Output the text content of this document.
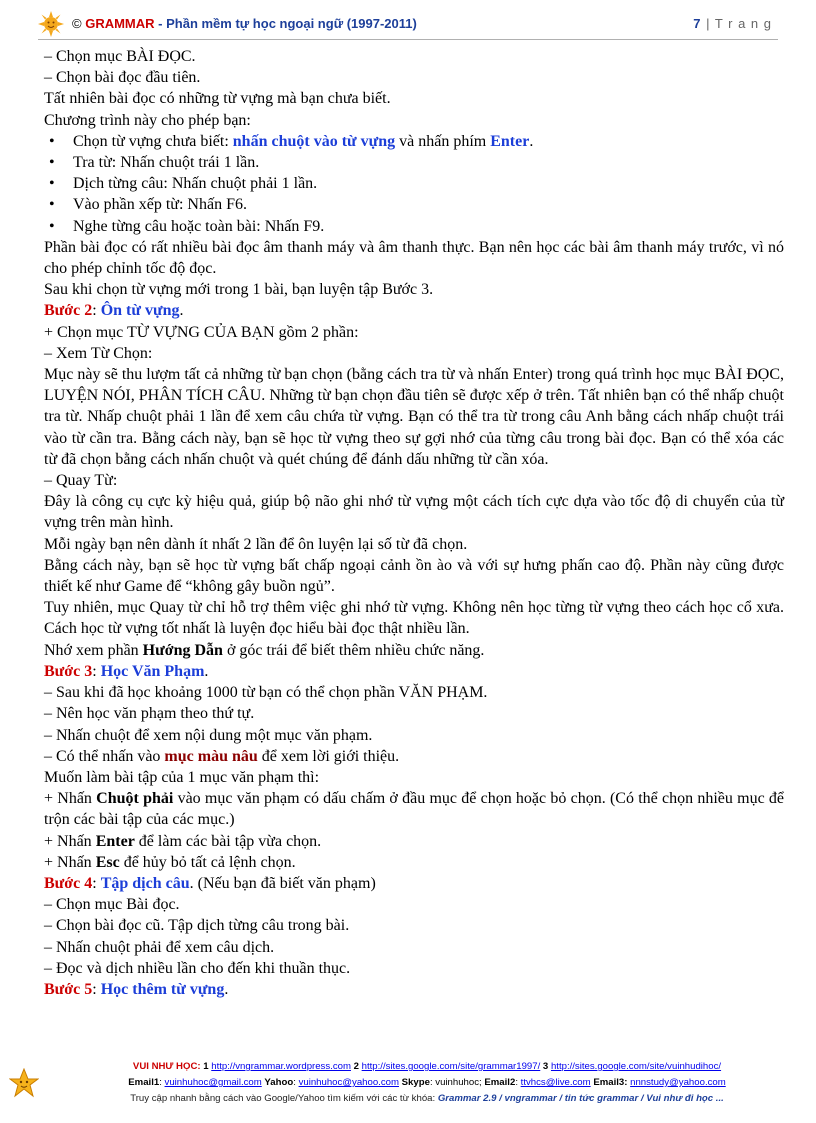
© GRAMMAR - Phần mềm tự học ngoại ngữ (1997-2011)	7 | T r a n g

– Chọn mục BÀI ĐỌC.

– Chọn bài đọc đầu tiên.

Tất nhiên bài đọc có những từ vựng mà bạn chưa biết.

Chương trình này cho phép bạn:

• Chọn từ vựng chưa biết: nhấn chuột vào từ vựng và nhấn phím Enter.
• Tra từ: Nhấn chuột trái 1 lần.
• Dịch từng câu: Nhấn chuột phải 1 lần.
• Vào phần xếp từ: Nhấn F6.
• Nghe từng câu hoặc toàn bài: Nhấn F9.

Phần bài đọc có rất nhiều bài đọc âm thanh máy và âm thanh thực. Bạn nên học các bài âm thanh máy trước, vì nó cho phép chỉnh tốc độ đọc.

Sau khi chọn từ vựng mới trong 1 bài, bạn luyện tập Bước 3.

Bước 2: Ôn từ vựng.

+ Chọn mục TỪ VỰNG CỦA BẠN gồm 2 phần:

– Xem Từ Chọn:

Mục này sẽ thu lượm tất cả những từ bạn chọn (bằng cách tra từ và nhấn Enter) trong quá trình học mục BÀI ĐỌC, LUYỆN NÓI, PHÂN TÍCH CÂU. Những từ bạn chọn đầu tiên sẽ được xếp ở trên. Tất nhiên bạn có thể nhấp chuột tra từ. Nhấp chuột phải 1 lần để xem câu chứa từ vựng. Bạn có thể tra từ trong câu Anh bằng cách nhấp chuột trái vào từ cần tra. Bằng cách này, bạn sẽ học từ vựng theo sự gợi nhớ của từng câu trong bài đọc. Bạn có thể xóa các từ đã chọn bằng cách nhấn chuột và quét chúng để đánh dấu những từ cần xóa.

– Quay Từ:

Đây là công cụ cực kỳ hiệu quả, giúp bộ não ghi nhớ từ vựng một cách tích cực dựa vào tốc độ di chuyển của từ vựng trên màn hình.

Mỗi ngày bạn nên dành ít nhất 2 lần để ôn luyện lại số từ đã chọn.

Bằng cách này, bạn sẽ học từ vựng bất chấp ngoại cảnh ồn ào và với sự hưng phấn cao độ. Phần này cũng được thiết kế như Game để “không gây buồn ngủ”.

Tuy nhiên, mục Quay từ chỉ hỗ trợ thêm việc ghi nhớ từ vựng. Không nên học từng từ vựng theo cách học cổ xưa. Cách học từ vựng tốt nhất là luyện đọc hiểu bài đọc thật nhiều lần.

Nhớ xem phần Hướng Dẫn ở góc trái để biết thêm nhiều chức năng.

Bước 3: Học Văn Phạm.

– Sau khi đã học khoảng 1000 từ bạn có thể chọn phần VĂN PHẠM.

– Nên học văn phạm theo thứ tự.

– Nhấn chuột để xem nội dung một mục văn phạm.

– Có thể nhấn vào mục màu nâu để xem lời giới thiệu.

Muốn làm bài tập của 1 mục văn phạm thì:

+ Nhấn Chuột phải vào mục văn phạm có dấu chấm ở đầu mục để chọn hoặc bỏ chọn. (Có thể chọn nhiều mục để trộn các bài tập của các mục.)

+ Nhấn Enter để làm các bài tập vừa chọn.

+ Nhấn Esc để hủy bỏ tất cả lệnh chọn.

Bước 4: Tập dịch câu. (Nếu bạn đã biết văn phạm)

– Chọn mục Bài đọc.

– Chọn bài đọc cũ. Tập dịch từng câu trong bài.

– Nhấn chuột phải để xem câu dịch.

– Đọc và dịch nhiều lần cho đến khi thuần thục.

Bước 5: Học thêm từ vựng.

VUI NHƯ HỌC: 1 http://vngrammar.wordpress.com 2 http://sites.google.com/site/grammar1997/ 3 http://sites.google.com/site/vuinhudihoc/
Email1: vuinhuhoc@gmail.com Yahoo: vuinhuhoc@yahoo.com Skype: vuinhuhoc; Email2: ttvhcs@live.com Email3: nnnstudy@yahoo.com
Truy cập nhanh bằng cách vào Google/Yahoo tìm kiếm với các từ khóa: Grammar 2.9 / vngrammar / tin tức grammar / Vui như đi học ...
